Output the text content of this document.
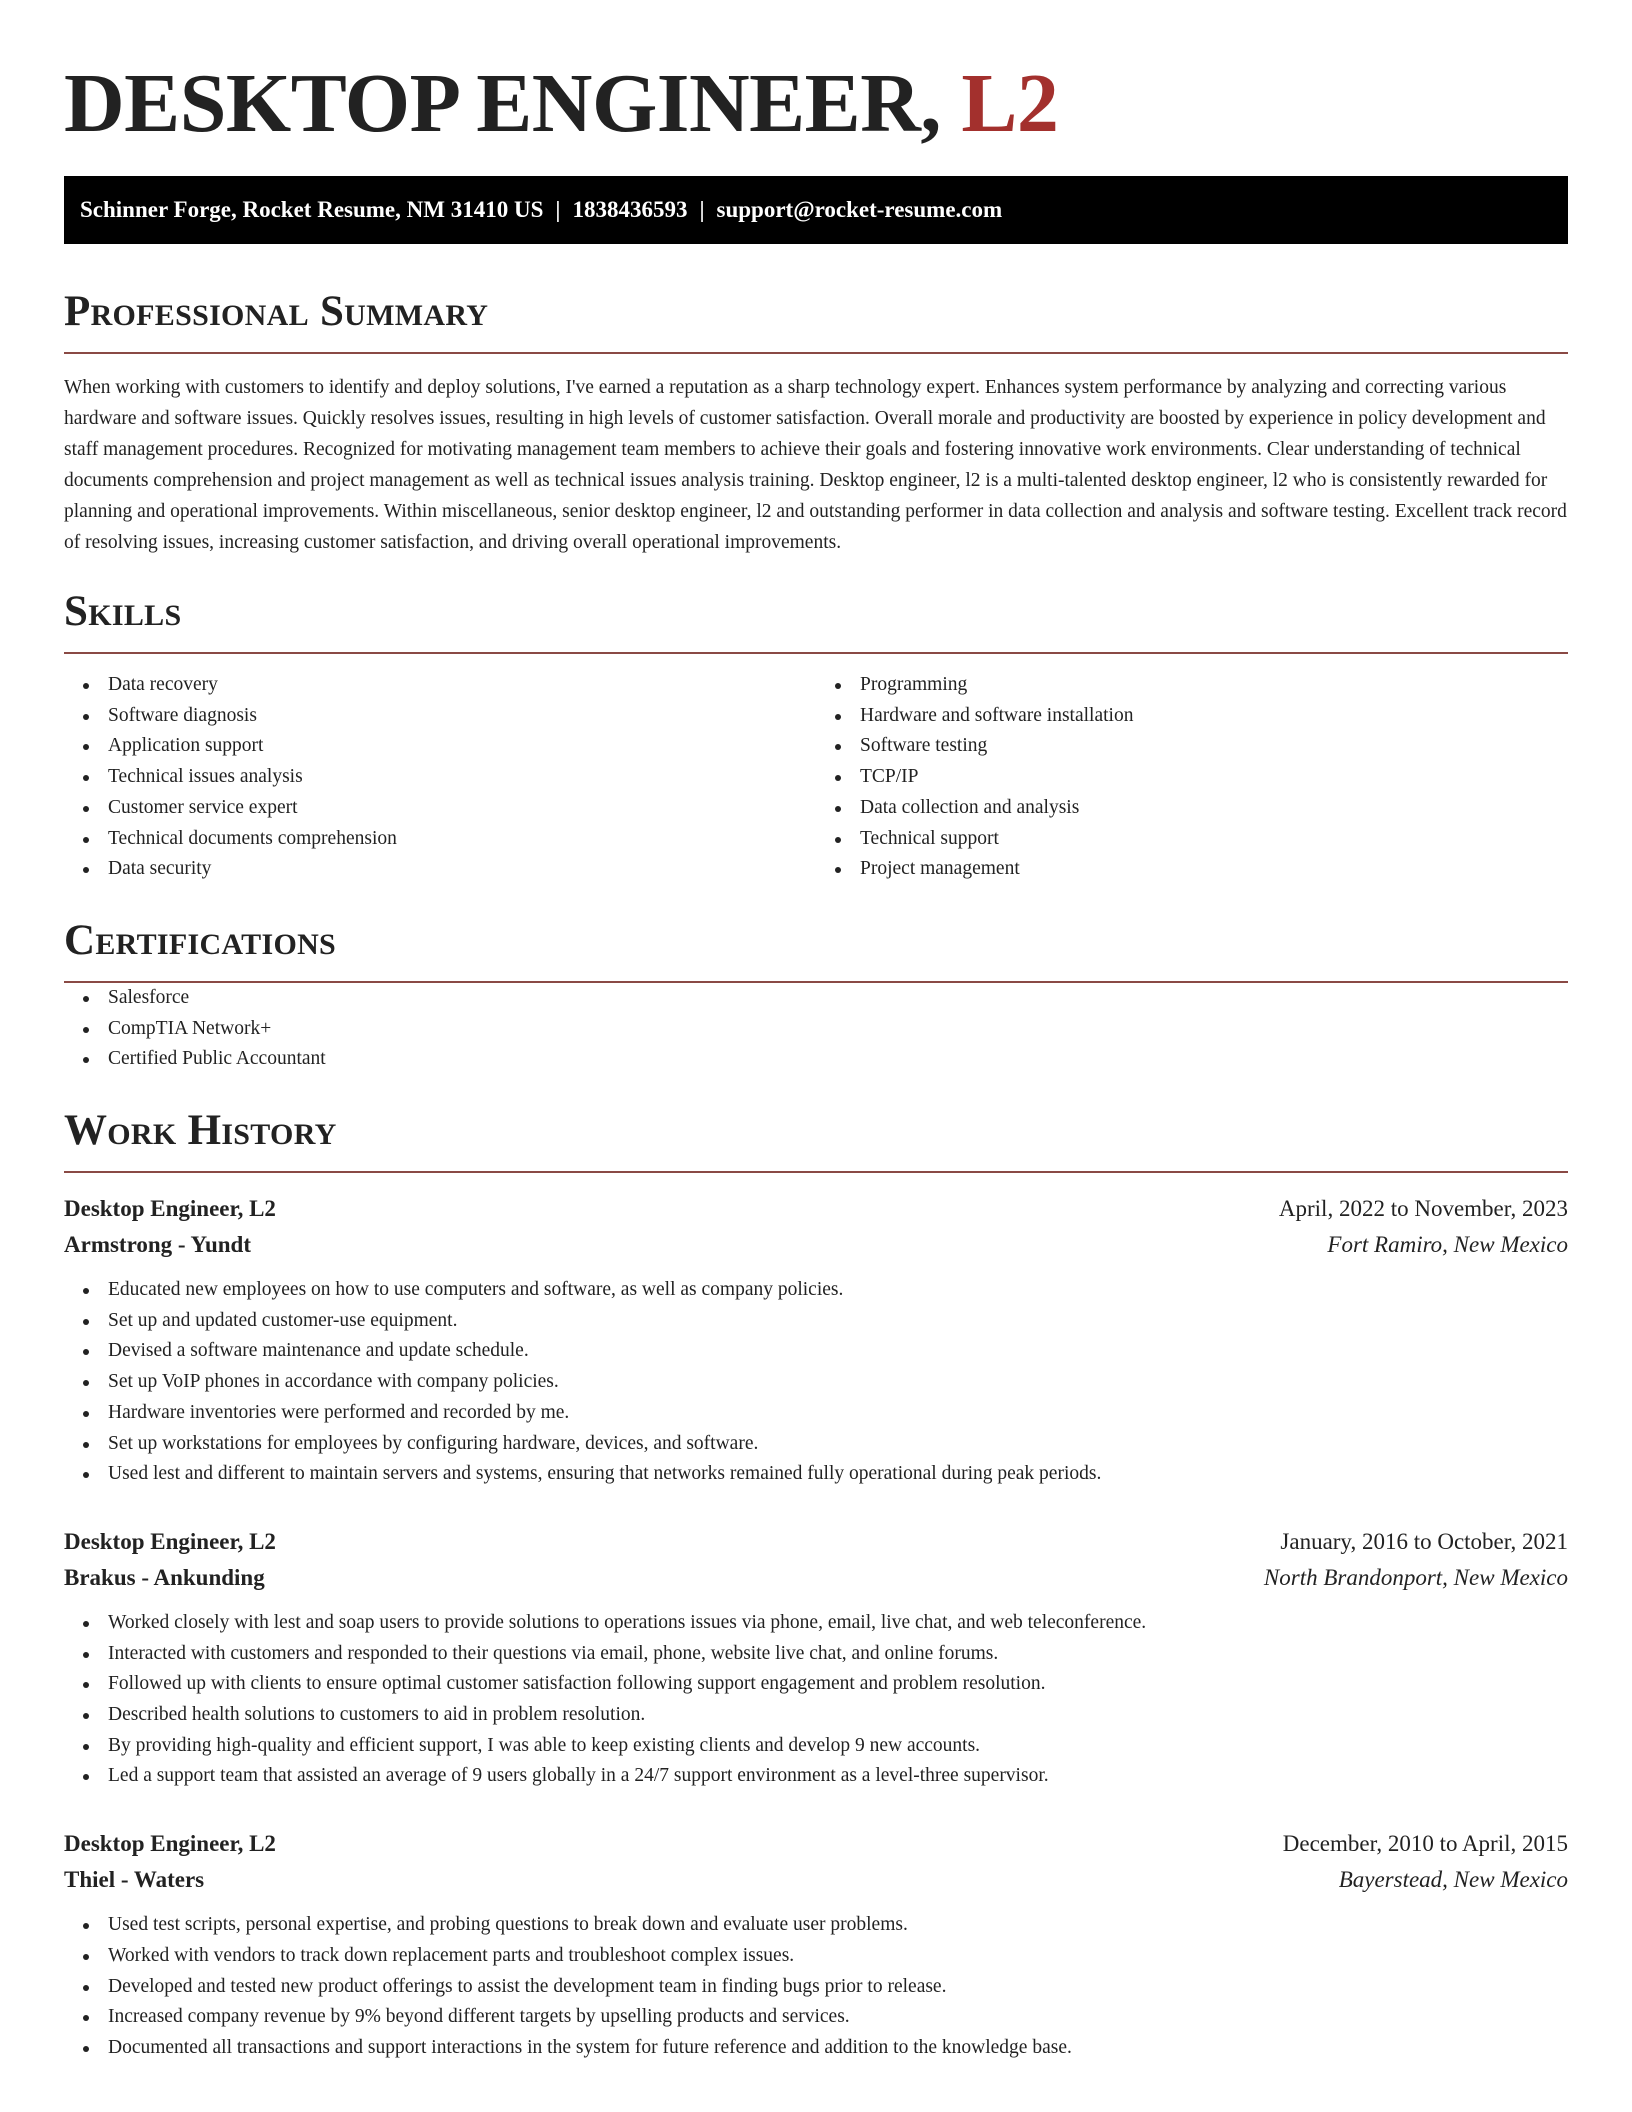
DESKTOP ENGINEER, L2
Schinner Forge, Rocket Resume, NM 31410 US | 1838436593 | support@rocket-resume.com
Professional Summary

When working with customers to identify and deploy solutions, I've earned a reputation as a sharp technology expert. Enhances system performance by analyzing and correcting various hardware and software issues. Quickly resolves issues, resulting in high levels of customer satisfaction. Overall morale and productivity are boosted by experience in policy development and staff management procedures. Recognized for motivating management team members to achieve their goals and fostering innovative work environments. Clear understanding of technical documents comprehension and project management as well as technical issues analysis training. Desktop engineer, l2 is a multi-talented desktop engineer, l2 who is consistently rewarded for planning and operational improvements. Within miscellaneous, senior desktop engineer, l2 and outstanding performer in data collection and analysis and software testing. Excellent track record of resolving issues, increasing customer satisfaction, and driving overall operational improvements.

Skills
Data recovery
Software diagnosis
Application support
Technical issues analysis
Customer service expert
Technical documents comprehension
Data security
Programming
Hardware and software installation
Software testing
TCP/IP
Data collection and analysis
Technical support
Project management
Certifications
Salesforce
CompTIA Network+
Certified Public Accountant
Work History
Desktop Engineer, L2	April, 2022 to November, 2023
Armstrong - Yundt	Fort Ramiro, New Mexico
Educated new employees on how to use computers and software, as well as company policies.
Set up and updated customer-use equipment.
Devised a software maintenance and update schedule.
Set up VoIP phones in accordance with company policies.
Hardware inventories were performed and recorded by me.
Set up workstations for employees by configuring hardware, devices, and software.
Used lest and different to maintain servers and systems, ensuring that networks remained fully operational during peak periods.
Desktop Engineer, L2	January, 2016 to October, 2021
Brakus - Ankunding	North Brandonport, New Mexico
Worked closely with lest and soap users to provide solutions to operations issues via phone, email, live chat, and web teleconference.
Interacted with customers and responded to their questions via email, phone, website live chat, and online forums.
Followed up with clients to ensure optimal customer satisfaction following support engagement and problem resolution.
Described health solutions to customers to aid in problem resolution.
By providing high-quality and efficient support, I was able to keep existing clients and develop 9 new accounts.
Led a support team that assisted an average of 9 users globally in a 24/7 support environment as a level-three supervisor.
Desktop Engineer, L2	December, 2010 to April, 2015
Thiel - Waters	Bayerstead, New Mexico
Used test scripts, personal expertise, and probing questions to break down and evaluate user problems.
Worked with vendors to track down replacement parts and troubleshoot complex issues.
Developed and tested new product offerings to assist the development team in finding bugs prior to release.
Increased company revenue by 9% beyond different targets by upselling products and services.
Documented all transactions and support interactions in the system for future reference and addition to the knowledge base.
